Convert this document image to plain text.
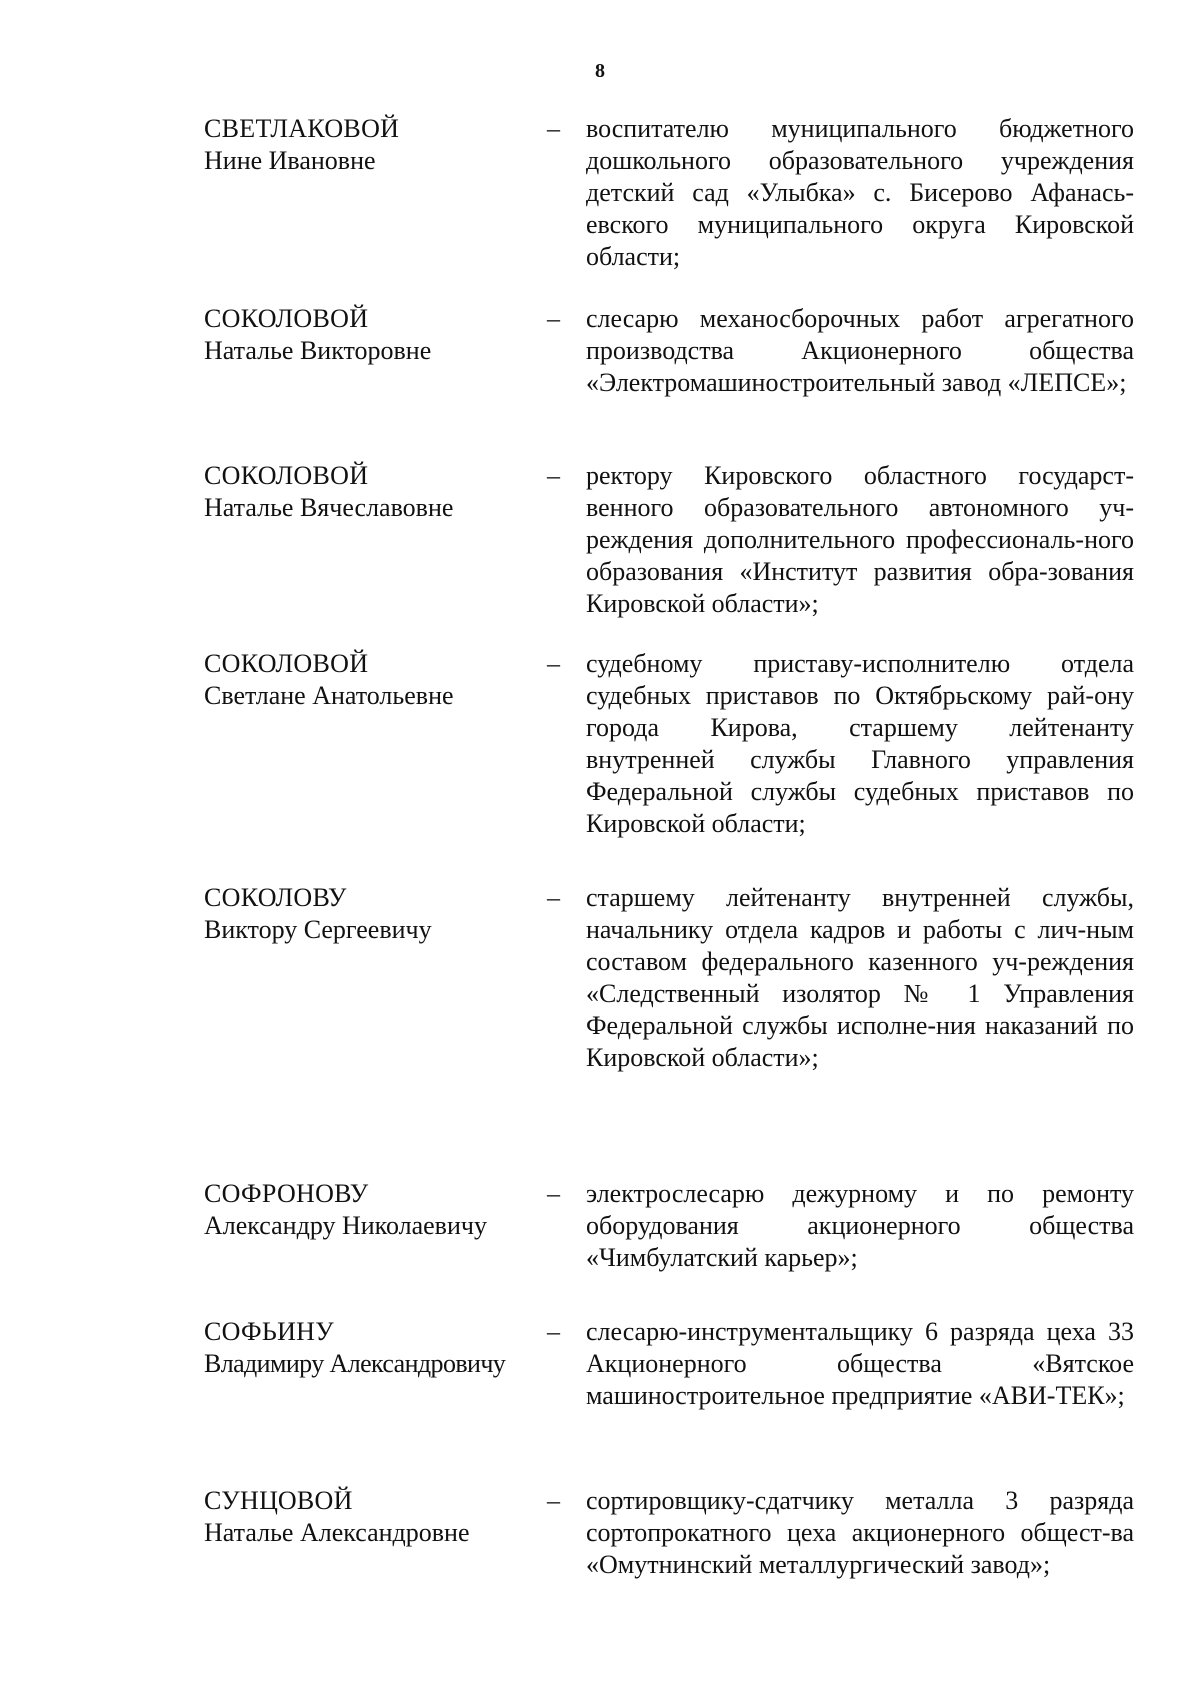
8
СВЕТЛАКОВОЙ
Нине Ивановне
– воспитателю муниципального бюджетного дошкольного образовательного учреждения детский сад «Улыбка» с. Бисерово Афанась-евского муниципального округа Кировской области;
СОКОЛОВОЙ
Наталье Викторовне
– слесарю механосборочных работ агрегатного производства Акционерного общества «Электромашиностроительный завод «ЛЕПСЕ»;
СОКОЛОВОЙ
Наталье Вячеславовне
– ректору Кировского областного государст-венного образовательного автономного уч-реждения дополнительного профессиональ-ного образования «Институт развития обра-зования Кировской области»;
СОКОЛОВОЙ
Светлане Анатольевне
– судебному приставу-исполнителю отдела судебных приставов по Октябрьскому рай-ону города Кирова, старшему лейтенанту внутренней службы Главного управления Федеральной службы судебных приставов по Кировской области;
СОКОЛОВУ
Виктору Сергеевичу
– старшему лейтенанту внутренней службы, начальнику отдела кадров и работы с лич-ным составом федерального казенного уч-реждения «Следственный изолятор № 1 Управления Федеральной службы исполне-ния наказаний по Кировской области»;
СОФРОНОВУ
Александру Николаевичу
– электрослесарю дежурному и по ремонту оборудования акционерного общества «Чимбулатский карьер»;
СОФЬИНУ
Владимиру Александровичу
– слесарю-инструментальщику 6 разряда цеха 33 Акционерного общества «Вятское машиностроительное предприятие «АВИ-ТЕК»;
СУНЦОВОЙ
Наталье Александровне
– сортировщику-сдатчику металла 3 разряда сортопрокатного цеха акционерного общест-ва «Омутнинский металлургический завод»;
